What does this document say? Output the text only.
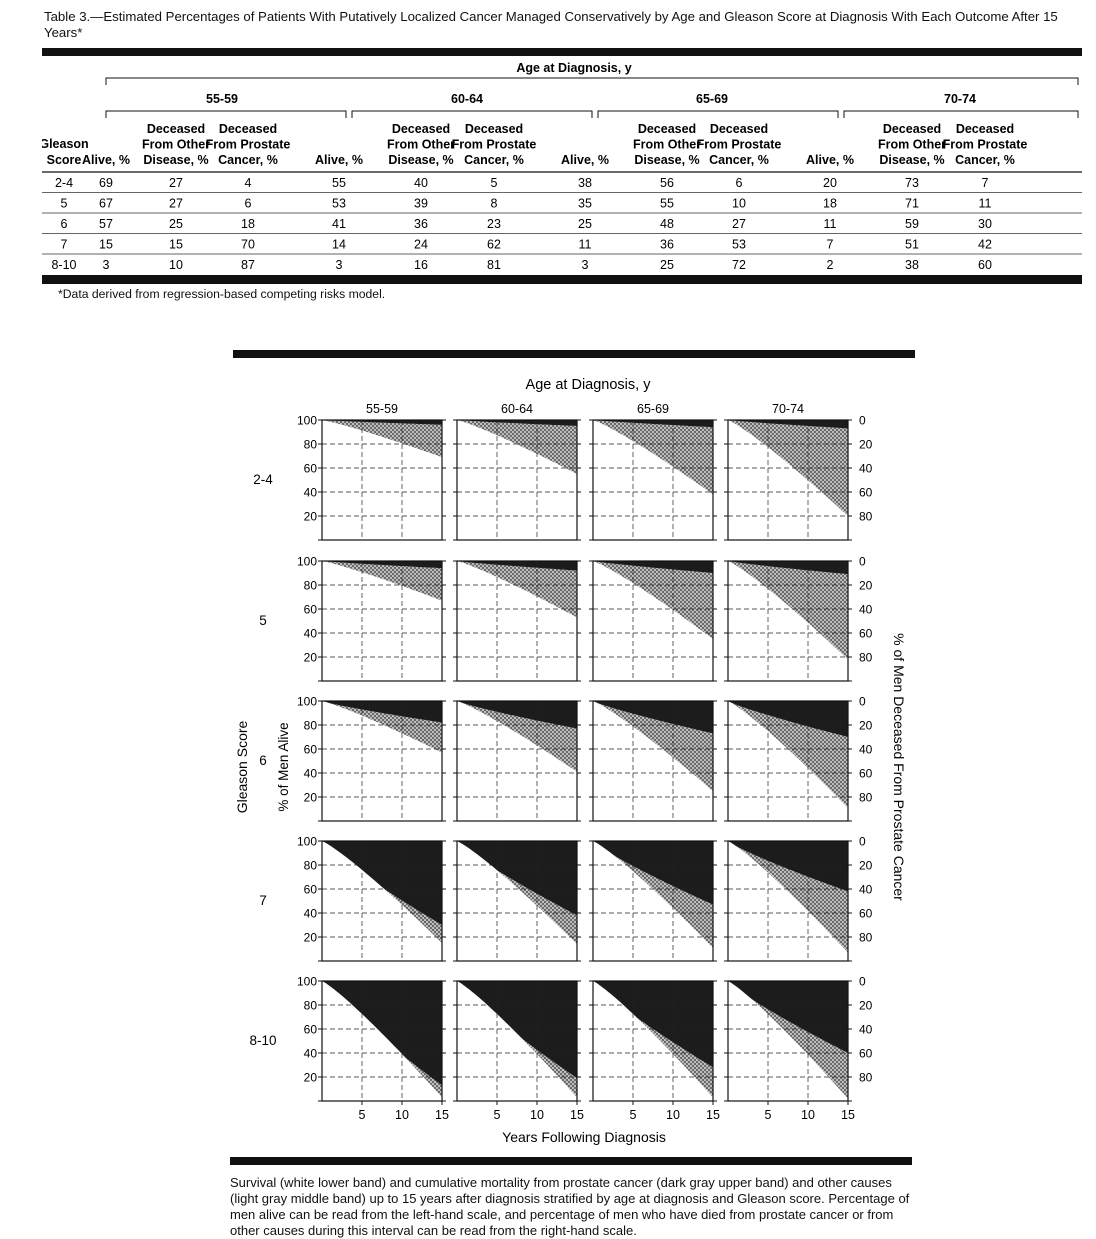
Table 3.—Estimated Percentages of Patients With Putatively Localized Cancer Managed Conservatively by Age and Gleason Score at Diagnosis With Each Outcome After 15 Years*
Age at Diagnosis, y
55-59	60-64	65-69	70-74
Gleason
Score Alive, %
Deceased
From Other
Disease, %
Deceased
From Prostate
Cancer, %	Alive, %
Deceased
From Other
Disease, %
Deceased
From Prostate
Cancer, %	Alive, %
Deceased
From Other
Disease, %
Deceased
From Prostate
Cancer, %	Alive, %
Deceased
From Other
Disease, %
Deceased
From Prostate
Cancer, %
2-4 69	27	4	55	40	5	38	56	6	20	73	7
5	67	27	6	53	39	8	35	55	10	18	71	11
6	57	25	18	41	36	23	25	48	27	11	59	30
7	15	15	70	14	24	62	11	36	53	7	51	42
8-10 3	10	87	3	16	81	3	25	72	2	38	60
*Data derived from regression-based competing risks model.
Age at Diagnosis, y
Years Following Diagnosis
Gleason Score % of Men Alive	% of Men Deceased From Prostate Cancer
55-59	60-64	65-69	70-74
2-4
100
80
60
40
20
0
20
40
60
80
5
100
80
60
40
20
0
20
40
60
80
6
100
80
60
40
20
0
20
40
60
80
7
100
80
60
40
20
0
20
40
60
80
8-10
100
80
60
40
20
0
20
40
60
80
5 10 15	5 10 15	5 10 15	5 10 15
Survival (white lower band) and cumulative mortality from prostate cancer (dark gray upper band) and other causes (light gray middle band) up to 15 years after diagnosis stratified by age at diagnosis and Gleason score. Percentage of men alive can be read from the left-hand scale, and percentage of men who have died from prostate cancer or from other causes during this interval can be read from the right-hand scale.
